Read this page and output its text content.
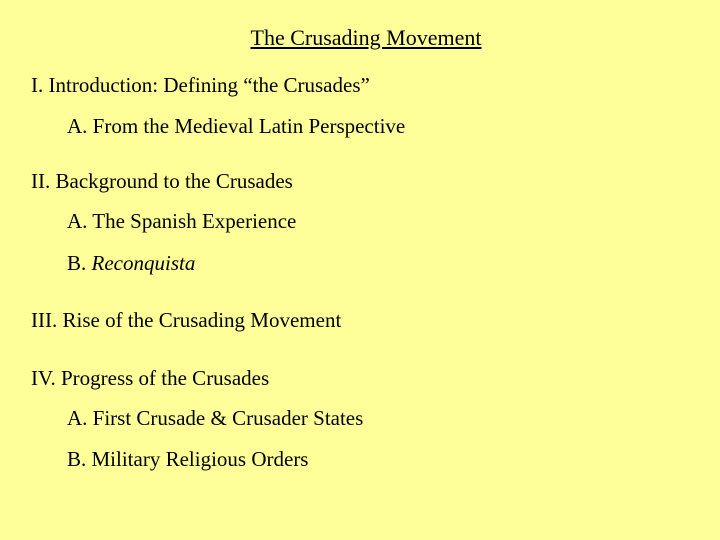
The Crusading Movement
I. Introduction: Defining “the Crusades”
A. From the Medieval Latin Perspective
II. Background to the Crusades
A. The Spanish Experience
B. Reconquista
III. Rise of the Crusading Movement
IV. Progress of the Crusades
A. First Crusade & Crusader States
B. Military Religious Orders
